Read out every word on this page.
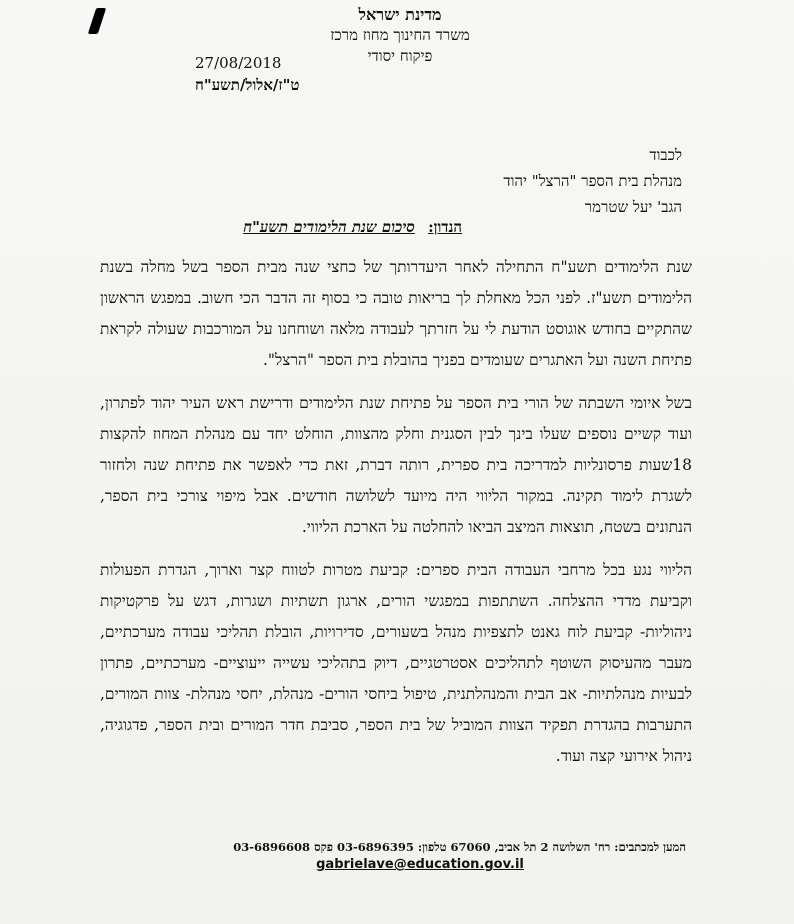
מדינת ישראל
משרד החינוך מחוז מרכז
פיקוח יסודי
27/08/2018
ט"ז/אלול/תשע"ח
לכבוד
מנהלת בית הספר "הרצל" יהוד
הגב' יעל שטרמר
הנדון: סיכום שנת הלימודים תשע"ח

שנת הלימודים תשע"ח התחילה לאחר היעדרותך של כחצי שנה מבית הספר בשל מחלה בשנת הלימודים תשע"ז. לפני הכל מאחלת לך בריאות טובה כי בסוף זה הדבר הכי חשוב. במפגש הראשון שהתקיים בחודש אוגוסט הודעת לי על חזרתך לעבודה מלאה ושוחחנו על המורכבות שעולה לקראת פתיחת השנה ועל האתגרים שעומדים בפניך בהובלת בית הספר "הרצל".

בשל איומי השבתה של הורי בית הספר על פתיחת שנת הלימודים ודרישת ראש העיר יהוד לפתרון, ועוד קשיים נוספים שעלו בינך לבין הסגנית וחלק מהצוות, הוחלט יחד עם מנהלת המחוז להקצות 18שעות פרסונליות למדריכה בית ספרית, רותה דברת, זאת כדי לאפשר את פתיחת שנה ולחזור לשגרת לימוד תקינה. במקור הליווי היה מיועד לשלושה חודשים. אבל מיפוי צורכי בית הספר, הנתונים בשטח, תוצאות המיצב הביאו להחלטה על הארכת הליווי.

הליווי נגע בכל מרחבי העבודה הבית ספרים: קביעת מטרות לטווח קצר וארוך, הגדרת הפעולות וקביעת מדדי ההצלחה. השתתפות במפגשי הורים, ארגון תשתיות ושגרות, דגש על פרקטיקות ניהוליות- קביעת לוח גאנט לתצפיות מנהל בשעורים, סדירויות, הובלת תהליכי עבודה מערכתיים, מעבר מהעיסוק השוטף לתהליכים אסטרטגיים, דיוק בתהליכי עשייה ייעוציים- מערכתיים, פתרון לבעיות מנהלתיות- אב הבית והמנהלתנית, טיפול ביחסי הורים- מנהלת, יחסי מנהלת- צוות המורים, התערבות בהגדרת תפקיד הצוות המוביל של בית הספר, סביבת חדר המורים ובית הספר, פדגוגיה, ניהול אירועי קצה ועוד.

המען למכתבים: רח' השלושה 2 תל אביב, 67060 טלפון: 03-6896395 פקס 03-6896608
gabrielave@education.gov.il
